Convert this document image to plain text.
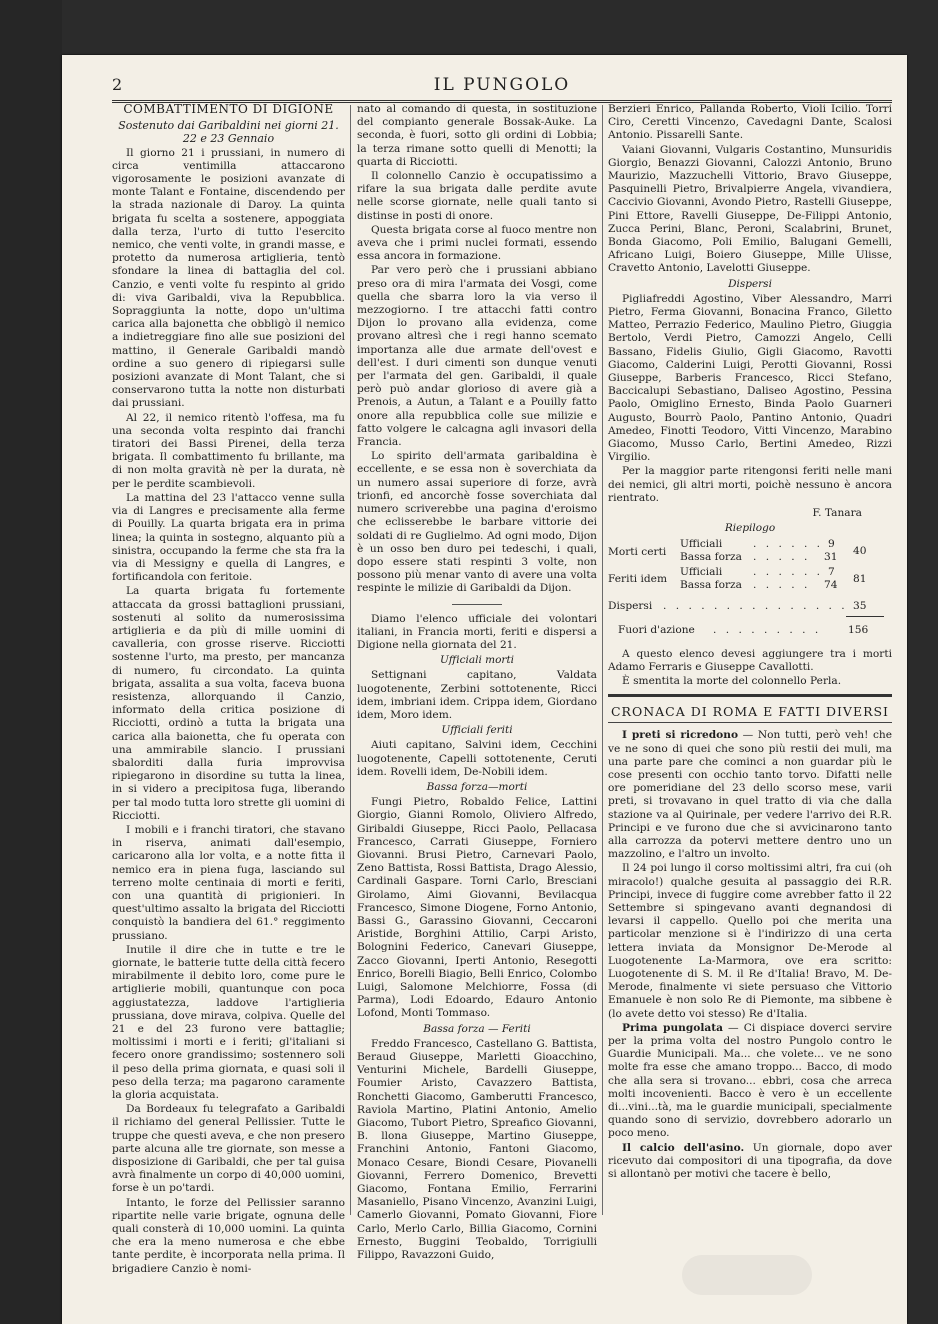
2	IL PUNGOLO

COMBATTIMENTO DI DIGIONE

Sostenuto dai Garibaldini nei giorni 21. 22 e 23 Gennaio

Il giorno 21 i prussiani, in numero di circa ventimilla attaccarono vigorosamente le posizioni avanzate di monte Talant e Fontaine, discendendo per la strada nazionale di Daroy. La quinta brigata fu scelta a sostenere, appoggiata dalla terza, l'urto di tutto l'esercito nemico, che venti volte, in grandi masse, e protetto da numerosa artiglieria, tentò sfondare la linea di battaglia del col. Canzio, e venti volte fu respinto al grido di: viva Garibaldi, viva la Repubblica. Sopraggiunta la notte, dopo un'ultima carica alla bajonetta che obbligò il nemico a indietreggiare fino alle sue posizioni del mattino, il Generale Garibaldi mandò ordine a suo genero di ripiegarsi sulle posizioni avanzate di Mont Talant, che si conservarono tutta la notte non disturbati dai prussiani.

Al 22, il nemico ritentò l'offesa, ma fu una seconda volta respinto dai franchi tiratori dei Bassi Pirenei, della terza brigata. Il combattimento fu brillante, ma di non molta gravità nè per la durata, nè per le perdite scambievoli.

La mattina del 23 l'attacco venne sulla via di Langres e precisamente alla ferme di Pouilly. La quarta brigata era in prima linea; la quinta in sostegno, alquanto più a sinistra, occupando la ferme che sta fra la via di Messigny e quella di Langres, e fortificandola con feritoie.

La quarta brigata fu fortemente attaccata da grossi battaglioni prussiani, sostenuti al solito da numerosissima artiglieria e da più di mille uomini di cavalleria, con grosse riserve. Ricciotti sostenne l'urto, ma presto, per mancanza di numero, fu circondato. La quinta brigata, assalita a sua volta, faceva buona resistenza, allorquando il Canzio, informato della critica posizione di Ricciotti, ordinò a tutta la brigata una carica alla baionetta, che fu operata con una ammirabile slancio. I prussiani sbalorditi dalla furia improvvisa ripiegarono in disordine su tutta la linea, in si videro a precipitosa fuga, liberando per tal modo tutta loro strette gli uomini di Ricciotti.

I mobili e i franchi tiratori, che stavano in riserva, animati dall'esempio, caricarono alla lor volta, e a notte fitta il nemico era in piena fuga, lasciando sul terreno molte centinaia di morti e feriti, con una quantità di prigionieri. In quest'ultimo assalto la brigata del Ricciotti conquistò la bandiera del 61.° reggimento prussiano.

Inutile il dire che in tutte e tre le giornate, le batterie tutte della città fecero mirabilmente il debito loro, come pure le artiglierie mobili, quantunque con poca aggiustatezza, laddove l'artiglieria prussiana, dove mirava, colpiva. Quelle del 21 e del 23 furono vere battaglie; moltissimi i morti e i feriti; gl'italiani si fecero onore grandissimo; sostennero soli il peso della prima giornata, e quasi soli il peso della terza; ma pagarono caramente la gloria acquistata.

Da Bordeaux fu telegrafato a Garibaldi il richiamo del general Pellissier. Tutte le truppe che questi aveva, e che non presero parte alcuna alle tre giornate, son messe a disposizione di Garibaldi, che per tal guisa avrà finalmente un corpo di 40,000 uomini, forse è un po'tardi.

Intanto, le forze del Pellissier saranno ripartite nelle varie brigate, ognuna delle quali consterà di 10,000 uomini. La quinta che era la meno numerosa e che ebbe tante perdite, è incorporata nella prima. Il brigadiere Canzio è nomi-

nato al comando di questa, in sostituzione del compianto generale Bossak-Auke. La seconda, è fuori, sotto gli ordini di Lobbia; la terza rimane sotto quelli di Menotti; la quarta di Ricciotti.

Il colonnello Canzio è occupatissimo a rifare la sua brigata dalle perdite avute nelle scorse giornate, nelle quali tanto si distinse in posti di onore.

Questa brigata corse al fuoco mentre non aveva che i primi nuclei formati, essendo essa ancora in formazione.

Par vero però che i prussiani abbiano preso ora di mira l'armata dei Vosgi, come quella che sbarra loro la via verso il mezzogiorno. I tre attacchi fatti contro Dijon lo provano alla evidenza, come provano altresì che i regi hanno scemato importanza alle due armate dell'ovest e dell'est. I duri cimenti son dunque venuti per l'armata del gen. Garibaldi, il quale però può andar glorioso di avere già a Prenois, a Autun, a Talant e a Pouilly fatto onore alla repubblica colle sue milizie e fatto volgere le calcagna agli invasori della Francia.

Lo spirito dell'armata garibaldina è eccellente, e se essa non è soverchiata da un numero assai superiore di forze, avrà trionfi, ed ancorchè fosse soverchiata dal numero scriverebbe una pagina d'eroismo che eclisserebbe le barbare vittorie dei soldati di re Guglielmo. Ad ogni modo, Dijon è un osso ben duro pei tedeschi, i quali, dopo essere stati respinti 3 volte, non possono più menar vanto di avere una volta respinte le milizie di Garibaldi da Dijon.

Diamo l'elenco ufficiale dei volontari italiani, in Francia morti, feriti e dispersi a Digione nella giornata del 21.

Ufficiali morti

Settignani capitano, Valdata luogotenente, Zerbini sottotenente, Ricci idem, imbriani idem. Crippa idem, Giordano idem, Moro idem.

Ufficiali feriti

Aiuti capitano, Salvini idem, Cecchini luogotenente, Capelli sottotenente, Ceruti idem. Rovelli idem, De-Nobili idem.

Bassa forza—morti

Fungi Pietro, Robaldo Felice, Lattini Giorgio, Gianni Romolo, Oliviero Alfredo, Giribaldi Giuseppe, Ricci Paolo, Pellacasa Francesco, Carrati Giuseppe, Forniero Giovanni. Brusi Pietro, Carnevari Paolo, Zeno Battista, Rossi Battista, Drago Alessio, Cardinali Gaspare. Torni Carlo, Bresciani Girolamo, Aimi Giovanni, Bevilacqua Francesco, Simone Diogene, Forno Antonio, Bassi G., Garassino Giovanni, Ceccaroni Aristide, Borghini Attilio, Carpi Aristo, Bolognini Federico, Canevari Giuseppe, Zacco Giovanni, Iperti Antonio, Resegotti Enrico, Borelli Biagio, Belli Enrico, Colombo Luigi, Salomone Melchiorre, Fossa (di Parma), Lodi Edoardo, Edauro Antonio Lofond, Monti Tommaso.

Bassa forza — Feriti

Freddo Francesco, Castellano G. Battista, Beraud Giuseppe, Marletti Gioacchino, Venturini Michele, Bardelli Giuseppe, Foumier Aristo, Cavazzero Battista, Ronchetti Giacomo, Gamberutti Francesco, Raviola Martino, Platini Antonio, Amelio Giacomo, Tubort Pietro, Spreafico Giovanni, B. llona Giuseppe, Martino Giuseppe, Franchini Antonio, Fantoni Giacomo, Monaco Cesare, Biondi Cesare, Piovanelli Giovanni, Ferrero Domenico, Brevetti Giacomo, Fontana Emilio, Ferrarini Masaniello, Pisano Vincenzo, Avanzini Luigi, Camerlo Giovanni, Pomato Giovanni, Fiore Carlo, Merlo Carlo, Billia Giacomo, Cornini Ernesto, Buggini Teobaldo, Torrigiulli Filippo, Ravazzoni Guido,

Berzieri Enrico, Pallanda Roberto, Violi Icilio. Torri Ciro, Ceretti Vincenzo, Cavedagni Dante, Scalosi Antonio. Pissarelli Sante.

Vaiani Giovanni, Vulgaris Costantino, Munsuridis Giorgio, Benazzi Giovanni, Calozzi Antonio, Bruno Maurizio, Mazzuchelli Vittorio, Bravo Giuseppe, Pasquinelli Pietro, Brivalpierre Angela, vivandiera, Caccivio Giovanni, Avondo Pietro, Rastelli Giuseppe, Pini Ettore, Ravelli Giuseppe, De-Filippi Antonio, Zucca Perini, Blanc, Peroni, Scalabrini, Brunet, Bonda Giacomo, Poli Emilio, Balugani Gemelli, Africano Luigi, Boiero Giuseppe, Mille Ulisse, Cravetto Antonio, Lavelotti Giuseppe.

Dispersi

Pigliafreddi Agostino, Viber Alessandro, Marri Pietro, Ferma Giovanni, Bonacina Franco, Giletto Matteo, Perrazio Federico, Maulino Pietro, Giuggia Bertolo, Verdi Pietro, Camozzi Angelo, Celli Bassano, Fidelis Giulio, Gigli Giacomo, Ravotti Giacomo, Calderini Luigi, Perotti Giovanni, Rossi Giuseppe, Barberis Francesco, Ricci Stefano, Baccicalupi Sebastiano, Daliseo Agostino, Pessina Paolo, Omiglino Ernesto, Binda Paolo Guarneri Augusto, Bourrò Paolo, Pantino Antonio, Quadri Amedeo, Finotti Teodoro, Vitti Vincenzo, Marabino Giacomo, Musso Carlo, Bertini Amedeo, Rizzi Virgilio.

Per la maggior parte ritengonsi feriti nelle mani dei nemici, gli altri morti, poichè nessuno è ancora rientrato.

F. Tanara

Riepilogo

Morti certi
Ufficiali
Bassa forza
. . . . . .
. . . . .
9
31 40
Feriti idem
Ufficiali
Bassa forza
. . . . . .
. . . . .
7
74 81
Dispersi . . . . . . . . . . . . . . . 35
Fuori d'azione . . . . . . . . .	156

A questo elenco devesi aggiungere tra i morti Adamo Ferraris e Giuseppe Cavallotti.

È smentita la morte del colonnello Perla.

CRONACA DI ROMA E FATTI DIVERSI

I preti si ricredono — Non tutti, però veh! che ve ne sono di quei che sono più restii dei muli, ma una parte pare che cominci a non guardar più le cose presenti con occhio tanto torvo. Difatti nelle ore pomeridiane del 23 dello scorso mese, varii preti, si trovavano in quel tratto di via che dalla stazione va al Quirinale, per vedere l'arrivo dei R.R. Principi e ve furono due che si avvicinarono tanto alla carrozza da potervi mettere dentro uno un mazzolino, e l'altro un involto.

Il 24 poi lungo il corso moltissimi altri, fra cui (oh miracolo!) qualche gesuita al passaggio dei R.R. Principi, invece di fuggire come avrebber fatto il 22 Settembre si spingevano avanti degnandosi di levarsi il cappello. Quello poi che merita una particolar menzione si è l'indirizzo di una certa lettera inviata da Monsignor De-Merode al Luogotenente La-Marmora, ove era scritto: Luogotenente di S. M. il Re d'Italia! Bravo, M. De-Merode, finalmente vi siete persuaso che Vittorio Emanuele è non solo Re di Piemonte, ma sibbene è (lo avete detto voi stesso) Re d'Italia.

Prima pungolata — Ci dispiace doverci servire per la prima volta del nostro Pungolo contro le Guardie Municipali. Ma... che volete... ve ne sono molte fra esse che amano troppo... Bacco, di modo che alla sera si trovano... ebbri, cosa che arreca molti incovenienti. Bacco è vero è un eccellente di...vini...tà, ma le guardie municipali, specialmente quando sono di servizio, dovrebbero adorarlo un poco meno.

Il calcio dell'asino. Un giornale, dopo aver ricevuto dai compositori di una tipografia, da dove si allontanò per motivi che tacere è bello,
